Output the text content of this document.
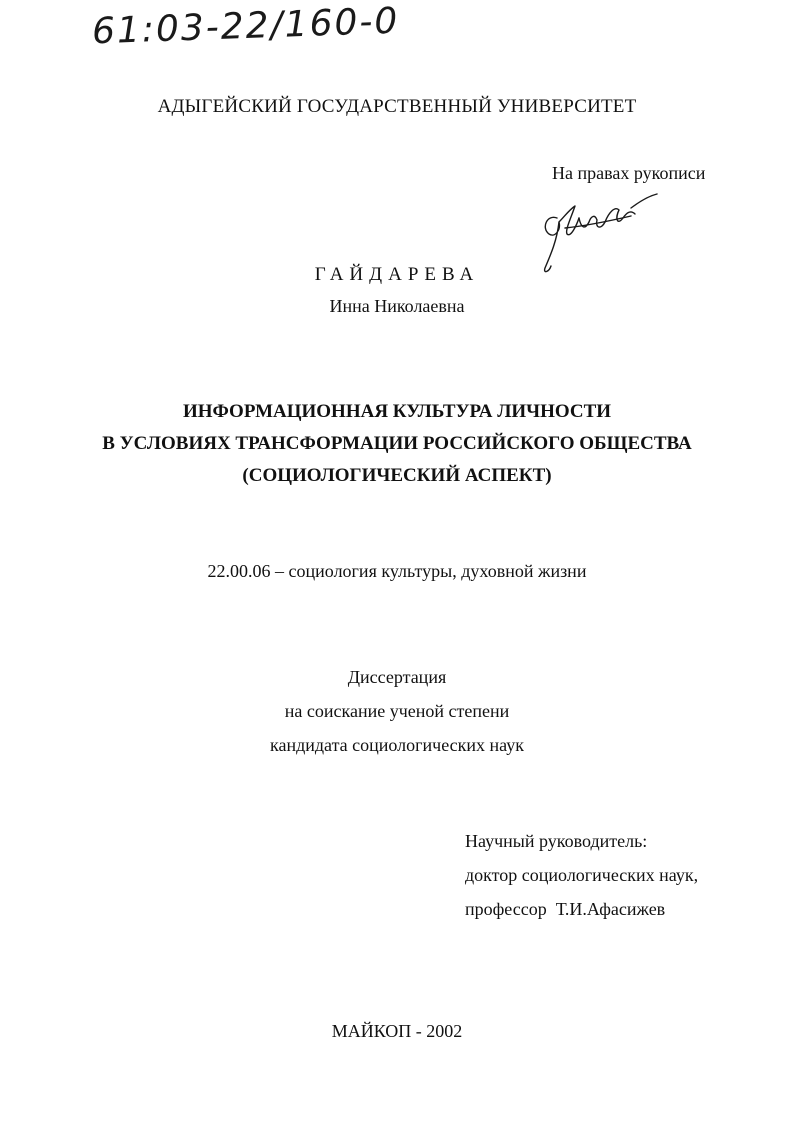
61:03-22/160-0
АДЫГЕЙСКИЙ ГОСУДАРСТВЕННЫЙ УНИВЕРСИТЕТ
На правах рукописи
ГАЙДАРЕВА
Инна Николаевна
ИНФОРМАЦИОННАЯ КУЛЬТУРА ЛИЧНОСТИ
В УСЛОВИЯХ ТРАНСФОРМАЦИИ РОССИЙСКОГО ОБЩЕСТВА
(СОЦИОЛОГИЧЕСКИЙ АСПЕКТ)
22.00.06 – социология культуры, духовной жизни
Диссертация
на соискание ученой степени
кандидата социологических наук
Научный руководитель:
доктор социологических наук,
профессор  Т.И.Афасижев
МАЙКОП - 2002
